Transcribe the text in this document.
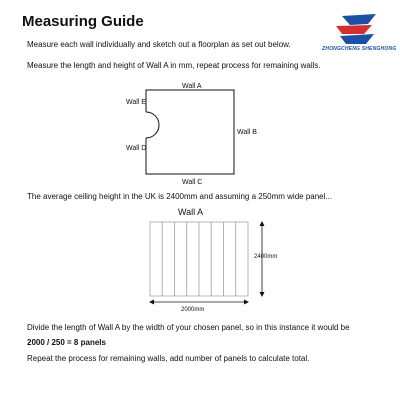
Measuring Guide
ZHONGCHENG SHENGHONG
Measure each wall individually and sketch out a floorplan as set out below.
Measure the length and height of Wall A in mm, repeat process for remaining walls.
Wall A
Wall B
Wall C
Wall D
Wall E
The average ceiling height in the UK is 2400mm and assuming a 250mm wide panel...
Wall A
2400mm
2000mm
Divide the length of Wall A by the width of your chosen panel, so in this instance it would be
2000 / 250 = 8 panels
Repeat the process for remaining walls, add number of panels to calculate total.
